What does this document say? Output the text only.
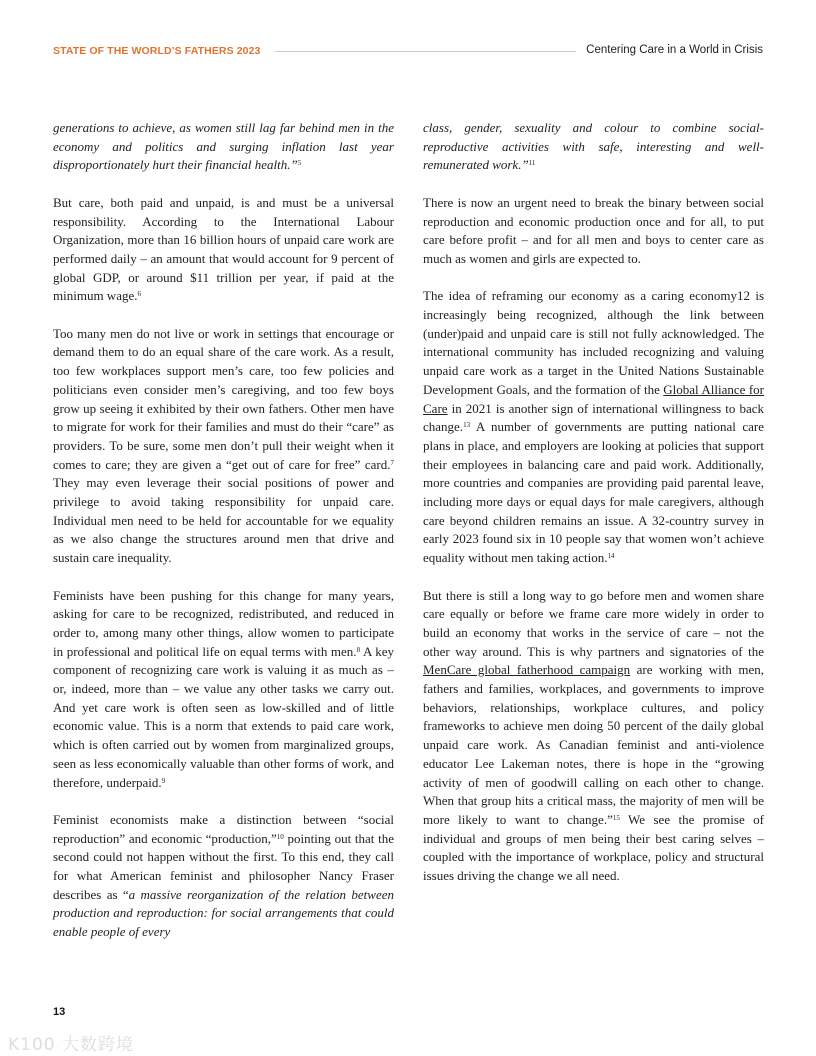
STATE OF THE WORLD’S FATHERS 2023	Centering Care in a World in Crisis

generations to achieve, as women still lag far behind men in the economy and politics and surging inflation last year disproportionately hurt their financial health.”$^5$

But care, both paid and unpaid, is and must be a universal responsibility. According to the International Labour Organization, more than 16 billion hours of unpaid care work are performed daily – an amount that would account for 9 percent of global GDP, or around $11 trillion per year, if paid at the minimum wage.$^6$

Too many men do not live or work in settings that encourage or demand them to do an equal share of the care work. As a result, too few workplaces support men’s care, too few policies and politicians even consider men’s caregiving, and too few boys grow up seeing it exhibited by their own fathers. Other men have to migrate for work for their families and must do their “care” as providers. To be sure, some men don’t pull their weight when it comes to care; they are given a “get out of care for free” card.$^7$ They may even leverage their social positions of power and privilege to avoid taking responsibility for unpaid care. Individual men need to be held for accountable for we equality as we also change the structures around men that drive and sustain care inequality.

Feminists have been pushing for this change for many years, asking for care to be recognized, redistributed, and reduced in order to, among many other things, allow women to participate in professional and political life on equal terms with men.$^8$ A key component of recognizing care work is valuing it as much as – or, indeed, more than – we value any other tasks we carry out. And yet care work is often seen as low-skilled and of little economic value. This is a norm that extends to paid care work, which is often carried out by women from marginalized groups, seen as less economically valuable than other forms of work, and therefore, underpaid.$^9$

Feminist economists make a distinction between “social reproduction” and economic “production,”$^{10}$ pointing out that the second could not happen without the first. To this end, they call for what American feminist and philosopher Nancy Fraser describes as “a massive reorganization of the relation between production and reproduction: for social arrangements that could enable people of every

class, gender, sexuality and colour to combine social-reproductive activities with safe, interesting and well-remunerated work.”$^{11}$

There is now an urgent need to break the binary between social reproduction and economic production once and for all, to put care before profit – and for all men and boys to center care as much as women and girls are expected to.

The idea of reframing our economy as a caring economy12 is increasingly being recognized, although the link between (under)paid and unpaid care is still not fully acknowledged. The international community has included recognizing and valuing unpaid care work as a target in the United Nations Sustainable Development Goals, and the formation of the Global Alliance for Care in 2021 is another sign of international willingness to back change.$^{13}$ A number of governments are putting national care plans in place, and employers are looking at policies that support their employees in balancing care and paid work. Additionally, more countries and companies are providing paid parental leave, including more days or equal days for male caregivers, although care beyond children remains an issue. A 32-country survey in early 2023 found six in 10 people say that women won’t achieve equality without men taking action.$^{14}$

But there is still a long way to go before men and women share care equally or before we frame care more widely in order to build an economy that works in the service of care – not the other way around. This is why partners and signatories of the MenCare global fatherhood campaign are working with men, fathers and families, workplaces, and governments to improve behaviors, relationships, workplace cultures, and policy frameworks to achieve men doing 50 percent of the daily global unpaid care work. As Canadian feminist and anti-violence educator Lee Lakeman notes, there is hope in the “growing activity of men of goodwill calling on each other to change. When that group hits a critical mass, the majority of men will be more likely to want to change.”$^{15}$ We see the promise of individual and groups of men being their best caring selves – coupled with the importance of workplace, policy and structural issues driving the change we all need.

13
K100 大数跨境
